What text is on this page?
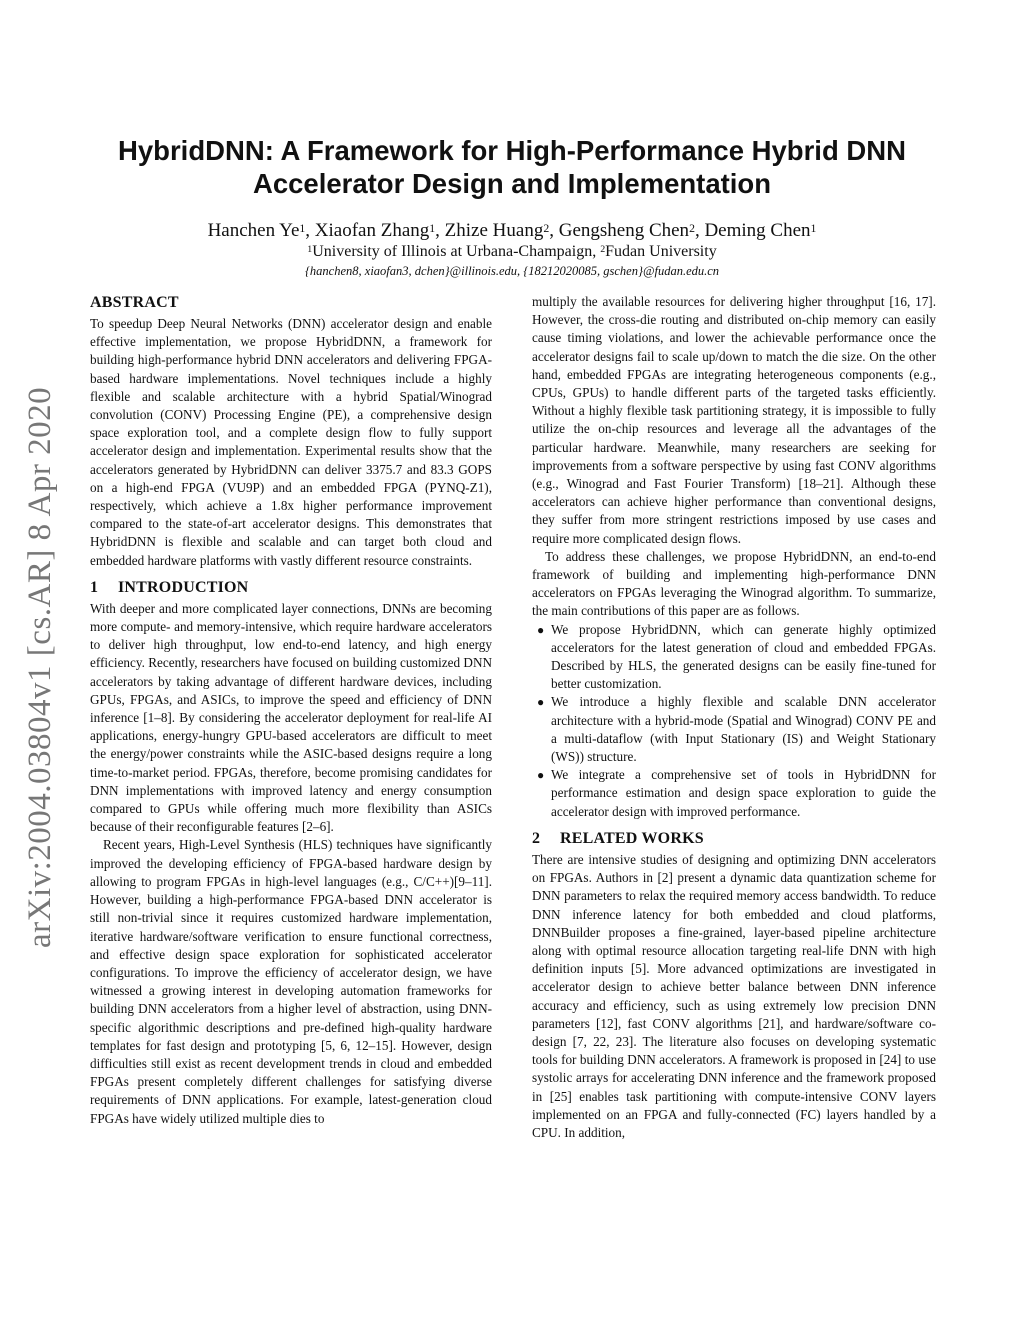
arXiv:2004.03804v1 [cs.AR] 8 Apr 2020
HybridDNN: A Framework for High-Performance Hybrid DNN
Accelerator Design and Implementation
Hanchen Ye$^1$, Xiaofan Zhang$^1$, Zhize Huang$^2$, Gengsheng Chen$^2$, Deming Chen$^1$
$^1$University of Illinois at Urbana-Champaign, $^2$Fudan University
{hanchen8, xiaofan3, dchen}@illinois.edu, {18212020085, gschen}@fudan.edu.cn
ABSTRACT

To speedup Deep Neural Networks (DNN) accelerator design and enable effective implementation, we propose HybridDNN, a framework for building high-performance hybrid DNN accelerators and delivering FPGA-based hardware implementations. Novel techniques include a highly flexible and scalable architecture with a hybrid Spatial/Winograd convolution (CONV) Processing Engine (PE), a comprehensive design space exploration tool, and a complete design flow to fully support accelerator design and implementation. Experimental results show that the accelerators generated by HybridDNN can deliver 3375.7 and 83.3 GOPS on a high-end FPGA (VU9P) and an embedded FPGA (PYNQ-Z1), respectively, which achieve a 1.8x higher performance improvement compared to the state-of-art accelerator designs. This demonstrates that HybridDNN is flexible and scalable and can target both cloud and embedded hardware platforms with vastly different resource constraints.

1 INTRODUCTION

With deeper and more complicated layer connections, DNNs are becoming more compute- and memory-intensive, which require hardware accelerators to deliver high throughput, low end-to-end latency, and high energy efficiency. Recently, researchers have focused on building customized DNN accelerators by taking advantage of different hardware devices, including GPUs, FPGAs, and ASICs, to improve the speed and efficiency of DNN inference [1–8]. By considering the accelerator deployment for real-life AI applications, energy-hungry GPU-based accelerators are difficult to meet the energy/power constraints while the ASIC-based designs require a long time-to-market period. FPGAs, therefore, become promising candidates for DNN implementations with improved latency and energy consumption compared to GPUs while offering much more flexibility than ASICs because of their reconfigurable features [2–6].

Recent years, High-Level Synthesis (HLS) techniques have significantly improved the developing efficiency of FPGA-based hardware design by allowing to program FPGAs in high-level languages (e.g., C/C++)[9–11]. However, building a high-performance FPGA-based DNN accelerator is still non-trivial since it requires customized hardware implementation, iterative hardware/software verification to ensure functional correctness, and effective design space exploration for sophisticated accelerator configurations. To improve the efficiency of accelerator design, we have witnessed a growing interest in developing automation frameworks for building DNN accelerators from a higher level of abstraction, using DNN-specific algorithmic descriptions and pre-defined high-quality hardware templates for fast design and prototyping [5, 6, 12–15]. However, design difficulties still exist as recent development trends in cloud and embedded FPGAs present completely different challenges for satisfying diverse requirements of DNN applications. For example, latest-generation cloud FPGAs have widely utilized multiple dies to

multiply the available resources for delivering higher throughput [16, 17]. However, the cross-die routing and distributed on-chip memory can easily cause timing violations, and lower the achievable performance once the accelerator designs fail to scale up/down to match the die size. On the other hand, embedded FPGAs are integrating heterogeneous components (e.g., CPUs, GPUs) to handle different parts of the targeted tasks efficiently. Without a highly flexible task partitioning strategy, it is impossible to fully utilize the on-chip resources and leverage all the advantages of the particular hardware. Meanwhile, many researchers are seeking for improvements from a software perspective by using fast CONV algorithms (e.g., Winograd and Fast Fourier Transform) [18–21]. Although these accelerators can achieve higher performance than conventional designs, they suffer from more stringent restrictions imposed by use cases and require more complicated design flows.

To address these challenges, we propose HybridDNN, an end-to-end framework of building and implementing high-performance DNN accelerators on FPGAs leveraging the Winograd algorithm. To summarize, the main contributions of this paper are as follows.

● We propose HybridDNN, which can generate highly optimized accelerators for the latest generation of cloud and embedded FPGAs. Described by HLS, the generated designs can be easily fine-tuned for better customization.
● We introduce a highly flexible and scalable DNN accelerator architecture with a hybrid-mode (Spatial and Winograd) CONV PE and a multi-dataflow (with Input Stationary (IS) and Weight Stationary (WS)) structure.
● We integrate a comprehensive set of tools in HybridDNN for performance estimation and design space exploration to guide the accelerator design with improved performance.
2 RELATED WORKS

There are intensive studies of designing and optimizing DNN accelerators on FPGAs. Authors in [2] present a dynamic data quantization scheme for DNN parameters to relax the required memory access bandwidth. To reduce DNN inference latency for both embedded and cloud platforms, DNNBuilder proposes a fine-grained, layer-based pipeline architecture along with optimal resource allocation targeting real-life DNN with high definition inputs [5]. More advanced optimizations are investigated in accelerator design to achieve better balance between DNN inference accuracy and efficiency, such as using extremely low precision DNN parameters [12], fast CONV algorithms [21], and hardware/software co-design [7, 22, 23]. The literature also focuses on developing systematic tools for building DNN accelerators. A framework is proposed in [24] to use systolic arrays for accelerating DNN inference and the framework proposed in [25] enables task partitioning with compute-intensive CONV layers implemented on an FPGA and fully-connected (FC) layers handled by a CPU. In addition,
